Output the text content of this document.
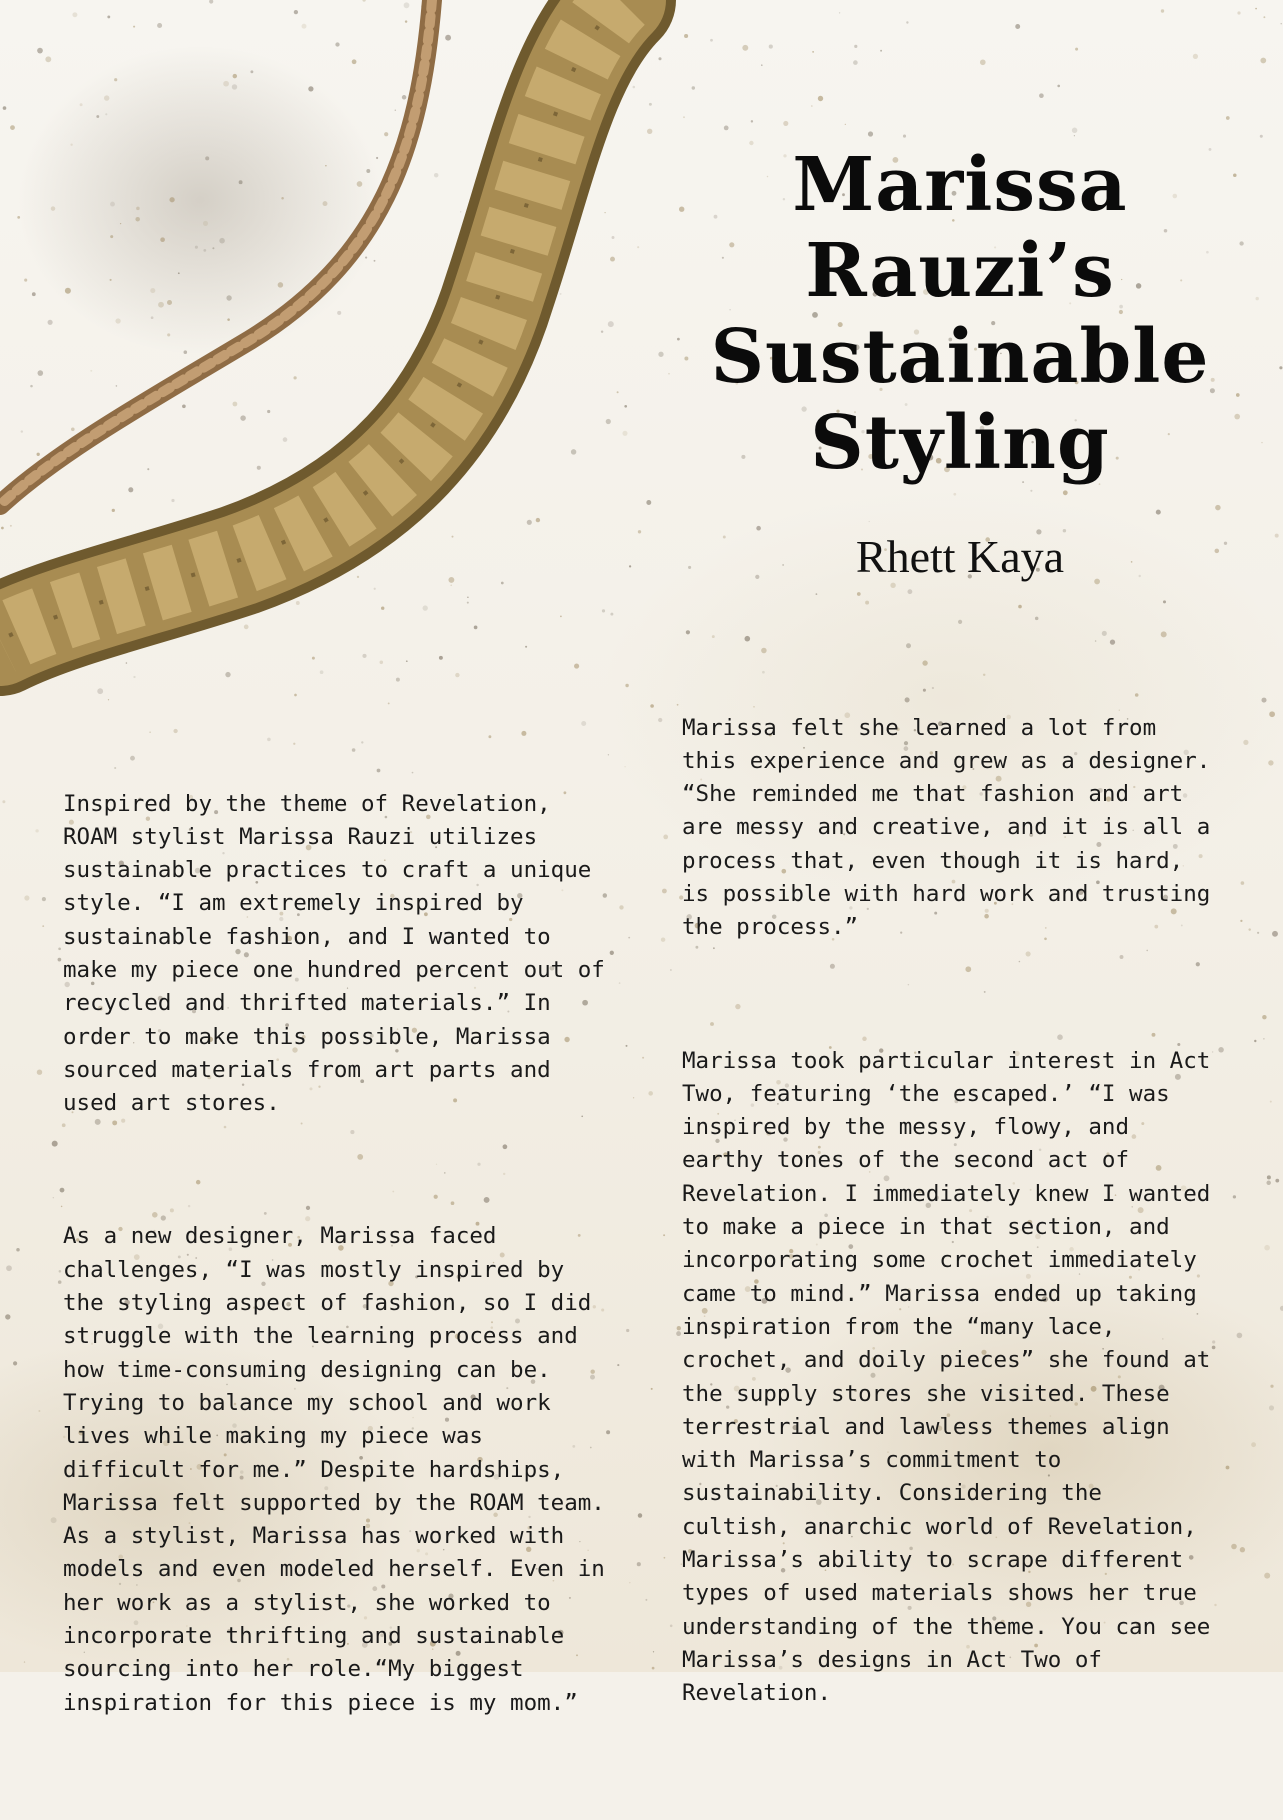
Marissa
Rauzi’s
Sustainable
Styling
Rhett Kaya

Inspired by the theme of Revelation,
ROAM stylist Marissa Rauzi utilizes
sustainable practices to craft a unique
style. “I am extremely inspired by
sustainable fashion, and I wanted to
make my piece one hundred percent out of
recycled and thrifted materials.” In
order to make this possible, Marissa
sourced materials from art parts and
used art stores.

As a new designer, Marissa faced
challenges, “I was mostly inspired by
the styling aspect of fashion, so I did
struggle with the learning process and
how time-consuming designing can be.
Trying to balance my school and work
lives while making my piece was
difficult for me.” Despite hardships,
Marissa felt supported by the ROAM team.
As a stylist, Marissa has worked with
models and even modeled herself. Even in
her work as a stylist, she worked to
incorporate thrifting and sustainable
sourcing into her role.“My biggest
inspiration for this piece is my mom.”

Marissa felt she learned a lot from
this experience and grew as a designer.
“She reminded me that fashion and art
are messy and creative, and it is all a
process that, even though it is hard,
is possible with hard work and trusting
the process.”

Marissa took particular interest in Act
Two, featuring ‘the escaped.’ “I was
inspired by the messy, flowy, and
earthy tones of the second act of
Revelation. I immediately knew I wanted
to make a piece in that section, and
incorporating some crochet immediately
came to mind.” Marissa ended up taking
inspiration from the “many lace,
crochet, and doily pieces” she found at
the supply stores she visited. These
terrestrial and lawless themes align
with Marissa’s commitment to
sustainability. Considering the
cultish, anarchic world of Revelation,
Marissa’s ability to scrape different
types of used materials shows her true
understanding of the theme. You can see
Marissa’s designs in Act Two of
Revelation.
